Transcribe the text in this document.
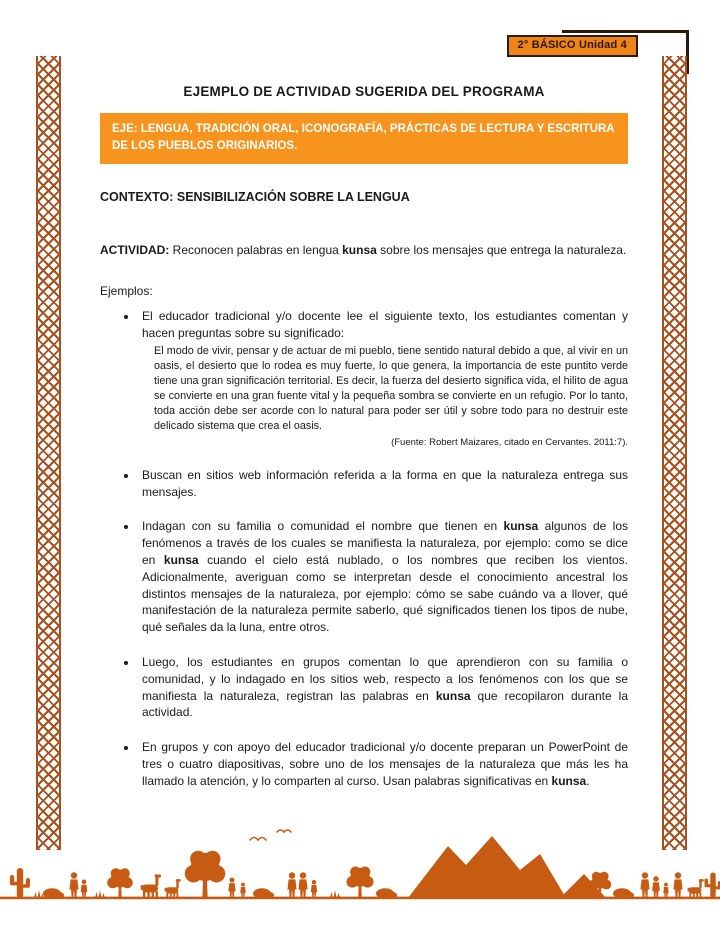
2° BÁSICO Unidad 4
EJEMPLO DE ACTIVIDAD SUGERIDA DEL PROGRAMA
EJE: LENGUA, TRADICIÓN ORAL, ICONOGRAFÍA, PRÁCTICAS DE LECTURA Y ESCRITURA DE LOS PUEBLOS ORIGINARIOS.
CONTEXTO: SENSIBILIZACIÓN SOBRE LA LENGUA

ACTIVIDAD: Reconocen palabras en lengua kunsa sobre los mensajes que entrega la naturaleza.

Ejemplos:

• El educador tradicional y/o docente lee el siguiente texto, los estudiantes comentan y hacen preguntas sobre su significado:
El modo de vivir, pensar y de actuar de mi pueblo, tiene sentido natural debido a que, al vivir en un oasis, el desierto que lo rodea es muy fuerte, lo que genera, la importancia de este puntito verde tiene una gran significación territorial. Es decir, la fuerza del desierto significa vida, el hilito de agua se convierte en una gran fuente vital y la pequeña sombra se convierte en un refugio. Por lo tanto, toda acción debe ser acorde con lo natural para poder ser útil y sobre todo para no destruir este delicado sistema que crea el oasis.
(Fuente: Robert Maizares, citado en Cervantes. 2011:7).
• Buscan en sitios web información referida a la forma en que la naturaleza entrega sus mensajes.
• Indagan con su familia o comunidad el nombre que tienen en kunsa algunos de los fenómenos a través de los cuales se manifiesta la naturaleza, por ejemplo: como se dice en kunsa cuando el cielo está nublado, o los nombres que reciben los vientos. Adicionalmente, averiguan como se interpretan desde el conocimiento ancestral los distintos mensajes de la naturaleza, por ejemplo: cómo se sabe cuándo va a llover, qué manifestación de la naturaleza permite saberlo, qué significados tienen los tipos de nube, qué señales da la luna, entre otros.
• Luego, los estudiantes en grupos comentan lo que aprendieron con su familia o comunidad, y lo indagado en los sitios web, respecto a los fenómenos con los que se manifiesta la naturaleza, registran las palabras en kunsa que recopilaron durante la actividad.
• En grupos y con apoyo del educador tradicional y/o docente preparan un PowerPoint de tres o cuatro diapositivas, sobre uno de los mensajes de la naturaleza que más les ha llamado la atención, y lo comparten al curso. Usan palabras significativas en kunsa.
